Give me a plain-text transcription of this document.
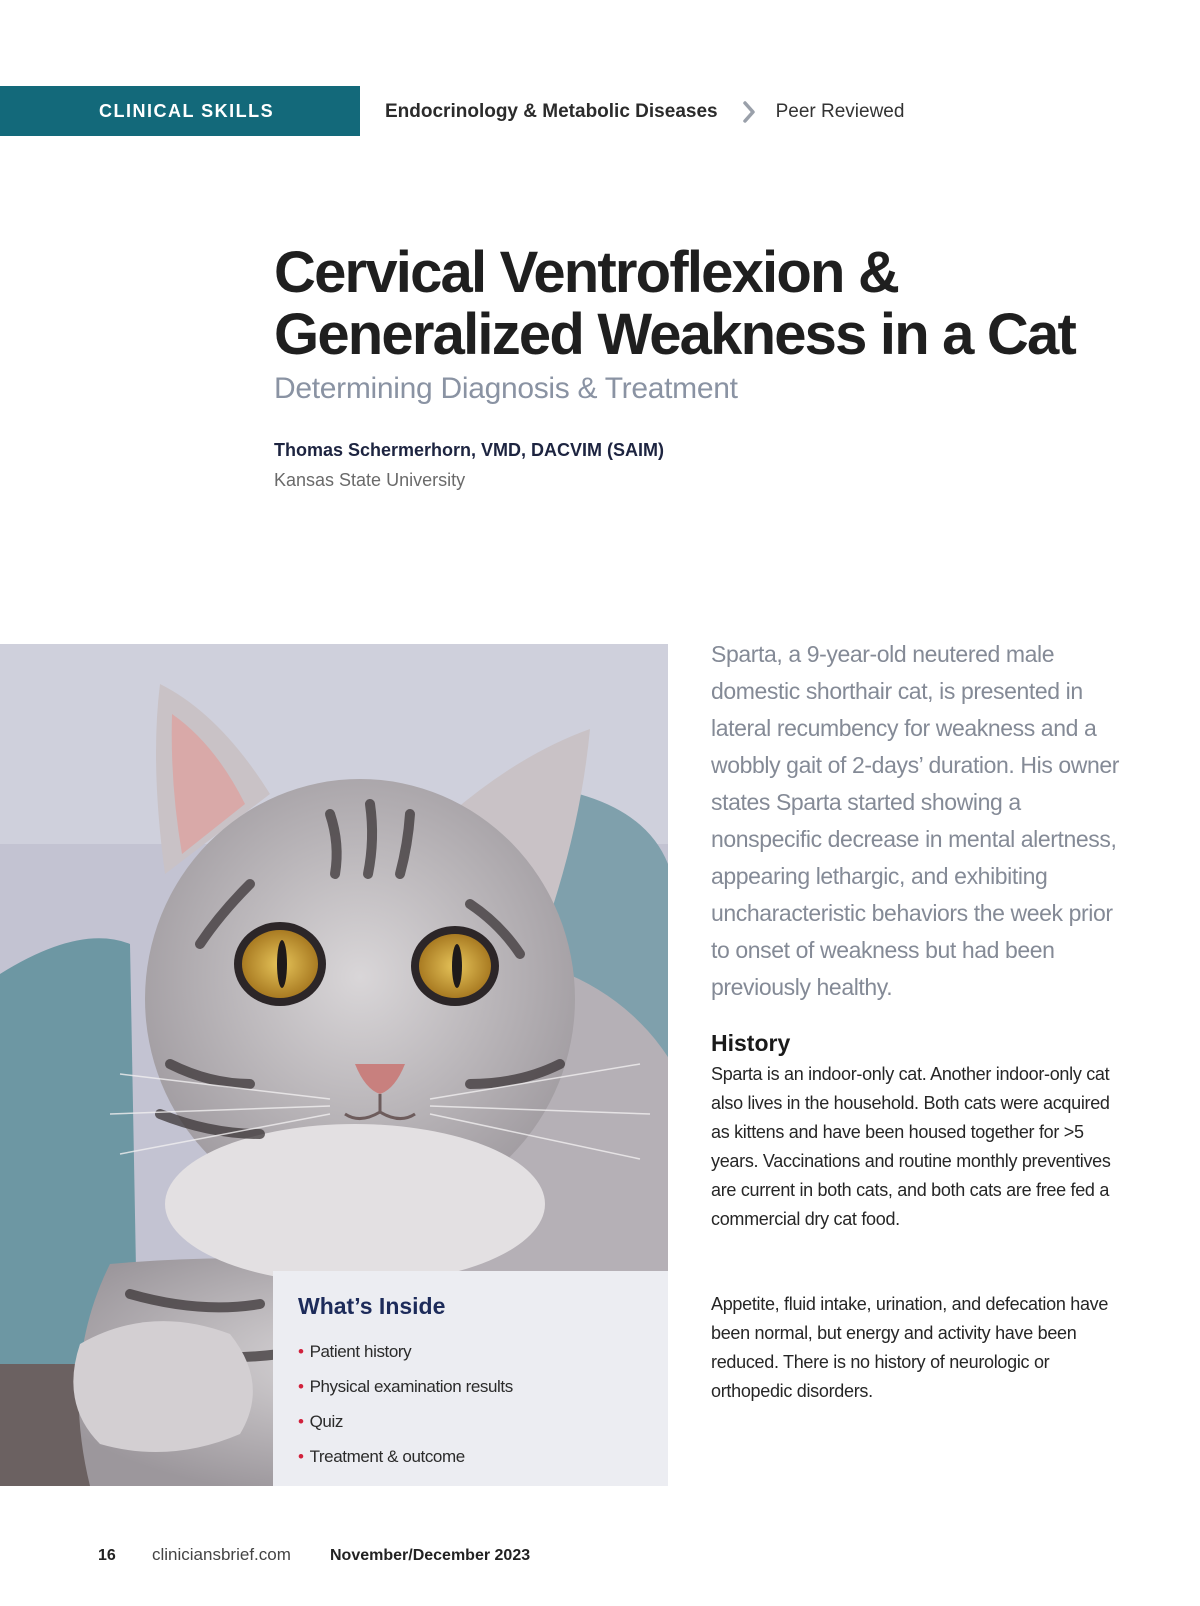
CLINICAL SKILLS	Endocrinology & Metabolic Diseases	Peer Reviewed
Cervical Ventroflexion &
Generalized Weakness in a Cat
Determining Diagnosis & Treatment
Thomas Schermerhorn, VMD, DACVIM (SAIM)
Kansas State University
What’s Inside
• Patient history
• Physical examination results
• Quiz
• Treatment & outcome
Sparta, a 9-year-old neutered male domestic shorthair cat, is presented in lateral recumbency for weakness and a wobbly gait of 2-days’ duration. His owner states Sparta started showing a nonspecific decrease in mental alertness, appearing lethargic, and exhibiting uncharacteristic behaviors the week prior to onset of weakness but had been previously healthy.
History

Sparta is an indoor-only cat. Another indoor-only cat also lives in the household. Both cats were acquired as kittens and have been housed together for >5 years. Vaccinations and routine monthly preventives are current in both cats, and both cats are free fed a commercial dry cat food.

Appetite, fluid intake, urination, and defecation have been normal, but energy and activity have been reduced. There is no history of neurologic or orthopedic disorders.

16	cliniciansbrief.com	November/December 2023
